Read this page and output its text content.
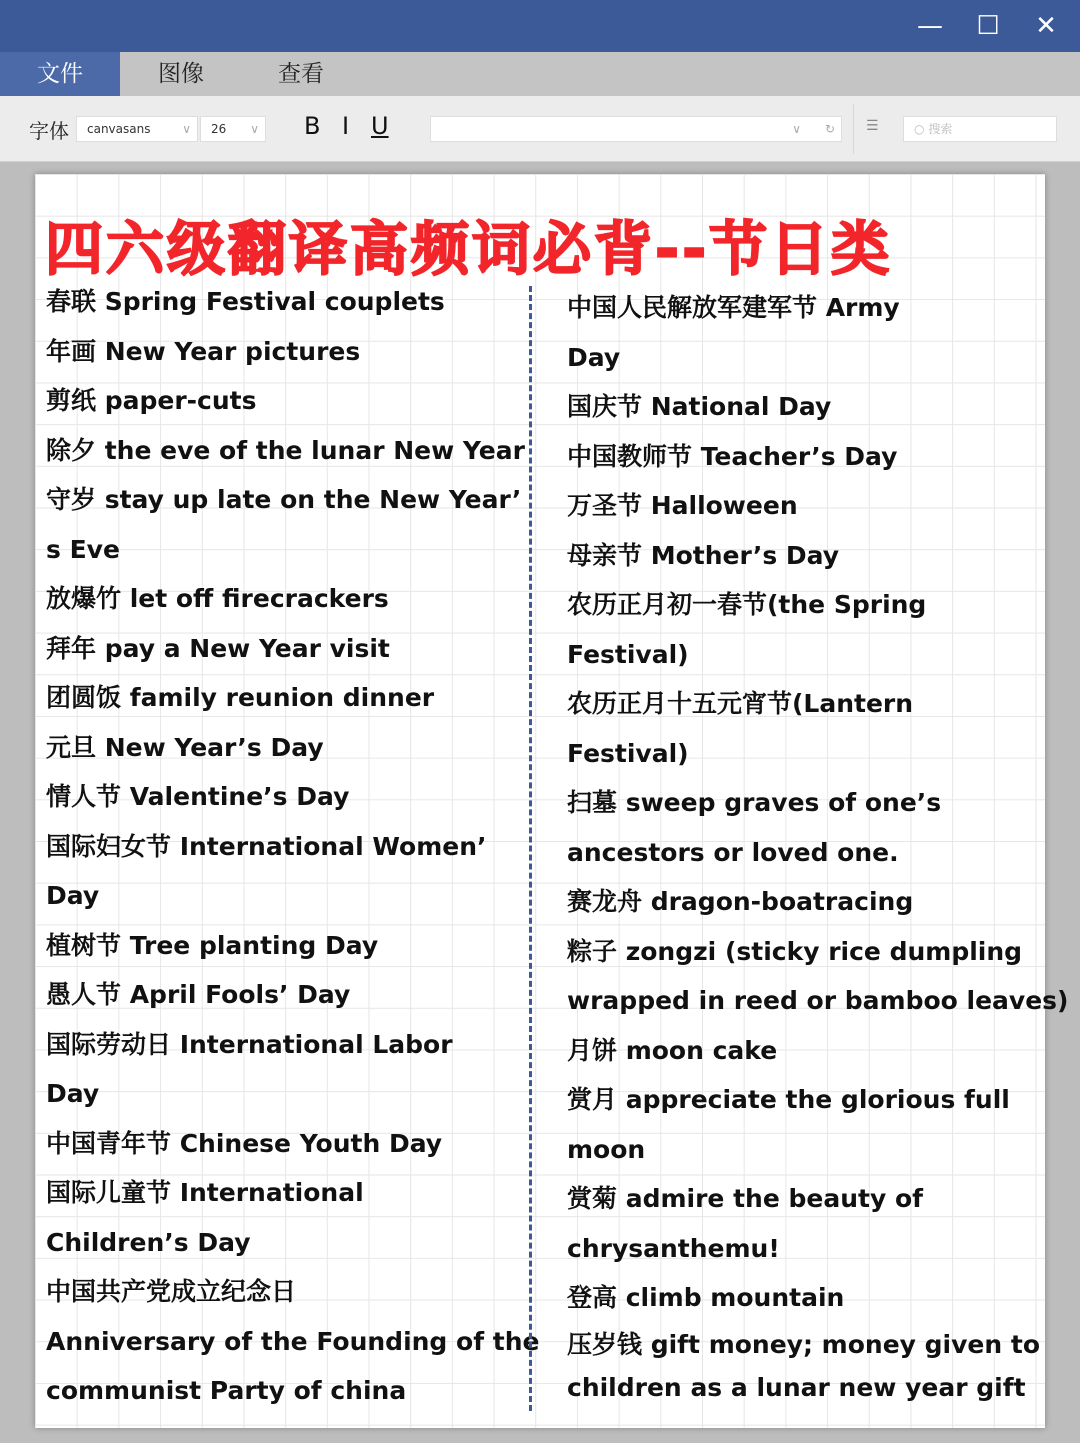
— ☐ ✕
文件	图像	查看
字体	canvasans	∨	26 ∨ B I U	∨ ↻ ☰	○ 搜索
四六级翻译高频词必背--节日类
春联 Spring Festival couplets
年画 New Year pictures
剪纸 paper-cuts
除夕 the eve of the lunar New Year
守岁 stay up late on the New Year’
s Eve
放爆竹 let off firecrackers
拜年 pay a New Year visit
团圆饭 family reunion dinner
元旦 New Year’s Day
情人节 Valentine’s Day
国际妇女节 International Women’
Day
植树节 Tree planting Day
愚人节 April Fools’ Day
国际劳动日 International Labor
Day
中国青年节 Chinese Youth Day
国际儿童节 International
Children’s Day
中国共产党成立纪念日
Anniversary of the Founding of the
communist Party of china
中国人民解放军建军节 Army
Day
国庆节 National Day
中国教师节 Teacher’s Day
万圣节 Halloween
母亲节 Mother’s Day
农历正月初一春节(the Spring
Festival)
农历正月十五元宵节(Lantern
Festival)
扫墓 sweep graves of one’s
ancestors or loved one.
赛龙舟 dragon-boatracing
粽子 zongzi (sticky rice dumpling
wrapped in reed or bamboo leaves)
月饼 moon cake
赏月 appreciate the glorious full
moon
赏菊 admire the beauty of
chrysanthemu!
登高 climb mountain
压岁钱 gift money; money given to
children as a lunar new year gift
